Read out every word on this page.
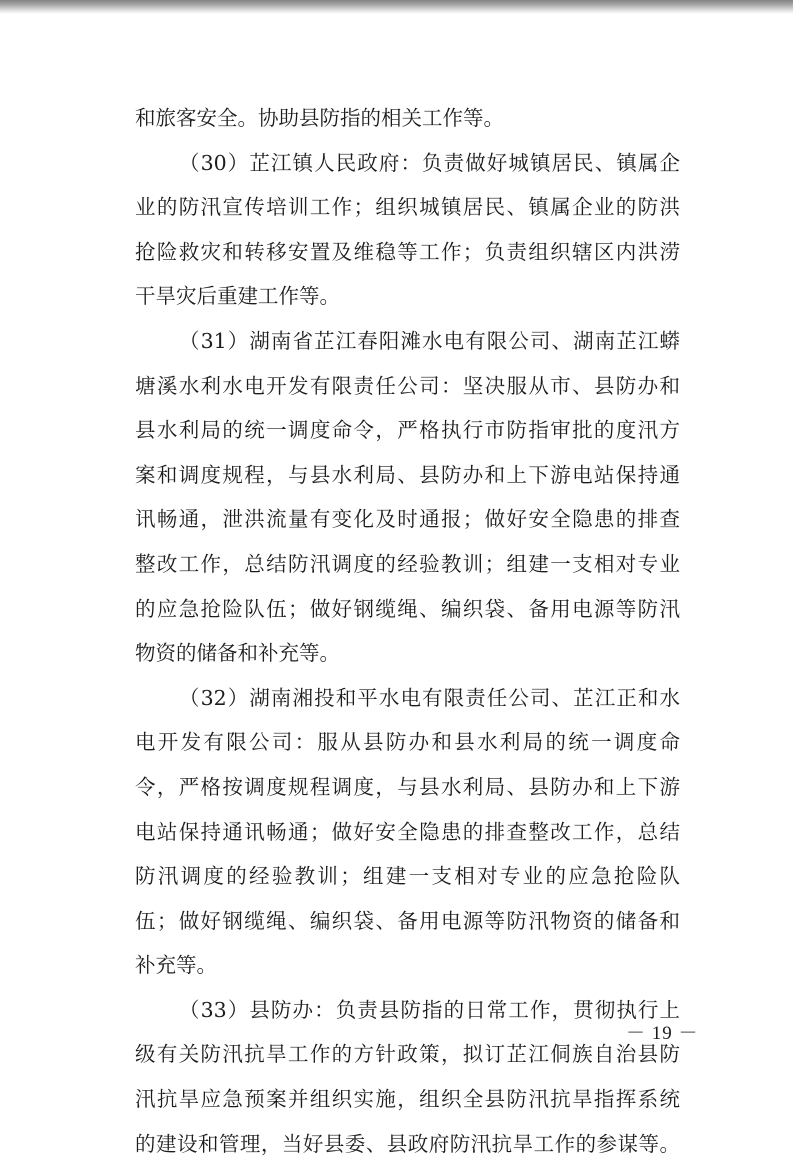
和旅客安全。协助县防指的相关工作等。
（30）芷江镇人民政府：负责做好城镇居民、镇属企
业的防汛宣传培训工作；组织城镇居民、镇属企业的防洪
抢险救灾和转移安置及维稳等工作；负责组织辖区内洪涝
干旱灾后重建工作等。
（31）湖南省芷江春阳滩水电有限公司、湖南芷江蟒
塘溪水利水电开发有限责任公司：坚决服从市、县防办和
县水利局的统一调度命令，严格执行市防指审批的度汛方
案和调度规程，与县水利局、县防办和上下游电站保持通
讯畅通，泄洪流量有变化及时通报；做好安全隐患的排查
整改工作，总结防汛调度的经验教训；组建一支相对专业
的应急抢险队伍；做好钢缆绳、编织袋、备用电源等防汛
物资的储备和补充等。
（32）湖南湘投和平水电有限责任公司、芷江正和水
电开发有限公司：服从县防办和县水利局的统一调度命
令，严格按调度规程调度，与县水利局、县防办和上下游
电站保持通讯畅通；做好安全隐患的排查整改工作，总结
防汛调度的经验教训；组建一支相对专业的应急抢险队
伍；做好钢缆绳、编织袋、备用电源等防汛物资的储备和
补充等。
（33）县防办：负责县防指的日常工作，贯彻执行上
级有关防汛抗旱工作的方针政策，拟订芷江侗族自治县防
汛抗旱应急预案并组织实施，组织全县防汛抗旱指挥系统
的建设和管理，当好县委、县政府防汛抗旱工作的参谋等。
－ 19 －
